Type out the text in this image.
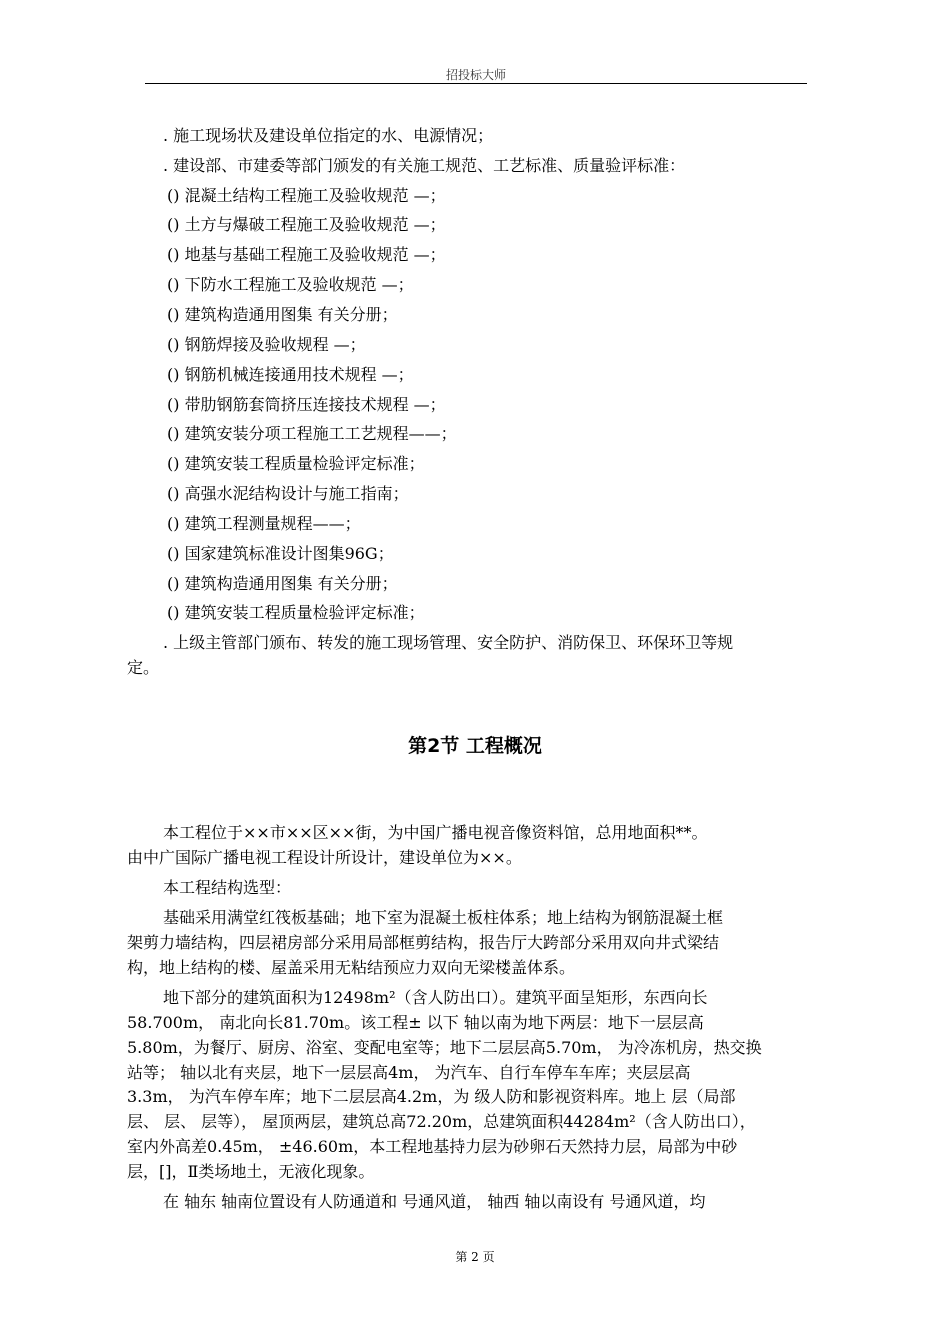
招投标大师
. 施工现场状及建设单位指定的水、电源情况；
. 建设部、市建委等部门颁发的有关施工规范、工艺标准、质量验评标准：
() 混凝土结构工程施工及验收规范 —；
() 土方与爆破工程施工及验收规范 —；
() 地基与基础工程施工及验收规范 —；
() 下防水工程施工及验收规范 —；
() 建筑构造通用图集 有关分册；
() 钢筋焊接及验收规程 —；
() 钢筋机械连接通用技术规程 —；
() 带肋钢筋套筒挤压连接技术规程 —；
() 建筑安装分项工程施工工艺规程——；
() 建筑安装工程质量检验评定标准；
() 高强水泥结构设计与施工指南；
() 建筑工程测量规程——；
() 国家建筑标准设计图集96G；
() 建筑构造通用图集 有关分册；
() 建筑安装工程质量检验评定标准；
. 上级主管部门颁布、转发的施工现场管理、安全防护、消防保卫、环保环卫等规
定。
第2节 工程概况
本工程位于××市××区××街，为中国广播电视音像资料馆，总用地面积**。
由中广国际广播电视工程设计所设计，建设单位为××。
本工程结构选型：
基础采用满堂红筏板基础；地下室为混凝土板柱体系；地上结构为钢筋混凝土框
架剪力墙结构，四层裙房部分采用局部框剪结构，报告厅大跨部分采用双向井式梁结
构，地上结构的楼、屋盖采用无粘结预应力双向无梁楼盖体系。
地下部分的建筑面积为12498m²（含人防出口）。建筑平面呈矩形，东西向长
58.700m， 南北向长81.70m。该工程± 以下 轴以南为地下两层：地下一层层高
5.80m，为餐厅、厨房、浴室、变配电室等；地下二层层高5.70m， 为冷冻机房，热交换
站等； 轴以北有夹层，地下一层层高4m， 为汽车、自行车停车车库；夹层层高
3.3m， 为汽车停车库；地下二层层高4.2m，为 级人防和影视资料库。地上 层（局部
层、 层、 层等）， 屋顶两层，建筑总高72.20m，总建筑面积44284m²（含人防出口），
室内外高差0.45m， ±46.60m，本工程地基持力层为砂卵石天然持力层，局部为中砂
层，[]，Ⅱ类场地土，无液化现象。
在 轴东 轴南位置设有人防通道和 号通风道， 轴西 轴以南设有 号通风道，均
第 2 页
